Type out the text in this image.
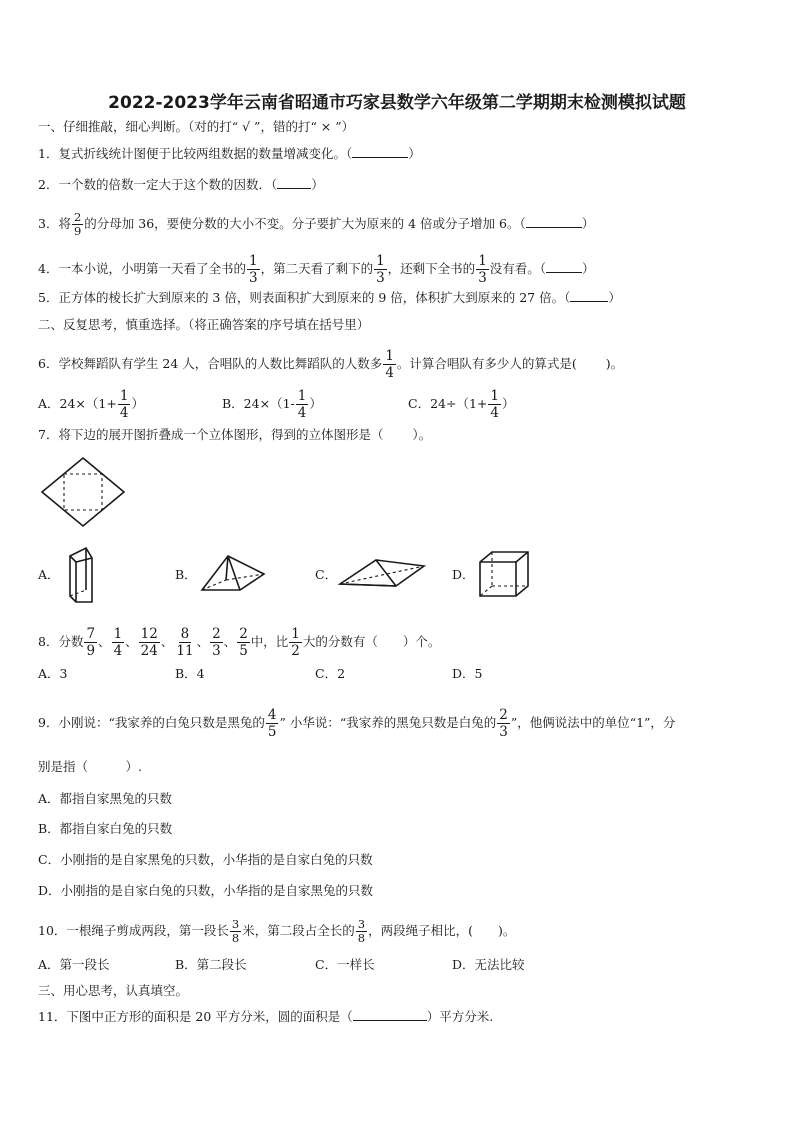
2022-2023学年云南省昭通市巧家县数学六年级第二学期期末检测模拟试题
一、仔细推敲，细心判断。（对的打“ √ ”，错的打“ × ”）
1．复式折线统计图便于比较两组数据的数量增减变化。（	）
2．一个数的倍数一定大于这个数的因数．（	）
3．将 $\frac{2}{9}$ 的分母加 36，要使分数的大小不变。分子要扩大为原来的 4 倍或分子增加 6。（	）
4．一本小说，小明第一天看了全书的 $\frac{1}{3}$ ，第二天看了剩下的 $\frac{1}{3}$ ，还剩下全书的 $\frac{1}{3}$ 没有看。（	）
5．正方体的棱长扩大到原来的 3 倍，则表面积扩大到原来的 9 倍，体积扩大到原来的 27 倍。（	）
二、反复思考，慎重选择。（将正确答案的序号填在括号里）
6．学校舞蹈队有学生 24 人，合唱队的人数比舞蹈队的人数多 $\frac{1}{4}$ 。计算合唱队有多少人的算式是(　　 )。
A．$24\times(1+ \frac{1}{4}$ ）	B．$24\times(1- \frac{1}{4}$ ）	C．$24\div(1+ \frac{1}{4}$ ）
7．将下边的展开图折叠成一个立体图形，得到的立体图形是（　　 ）。
A．	B．	C．	D．
8．分数 $\frac{7}{9}$ 、 $\frac{1}{4}$ 、 $\frac{12}{24}$ 、 $\frac{8}{11}$ 、 $\frac{2}{3}$ 、 $\frac{2}{5}$ 中，比 $\frac{1}{2}$ 大的分数有（　　）个。
A．3	B．4	C．2	D．5
9．小刚说：“我家养的白兔只数是黑兔的 $\frac{4}{5}$ ” 小华说：“我家养的黑兔只数是白兔的 $\frac{2}{3}$ ”，他俩说法中的单位“1”，分
别是指（　　　）.
A．都指自家黑兔的只数
B．都指自家白兔的只数
C．小刚指的是自家黑兔的只数，小华指的是自家白兔的只数
D．小刚指的是自家白兔的只数，小华指的是自家黑兔的只数
10．一根绳子剪成两段，第一段长 $\frac{3}{8}$ 米，第二段占全长的 $\frac{3}{8}$ ，两段绳子相比，(　　)。
A．第一段长	B．第二段长	C．一样长	D．无法比较
三、用心思考，认真填空。
11．下图中正方形的面积是 20 平方分米，圆的面积是（	）平方分米.
